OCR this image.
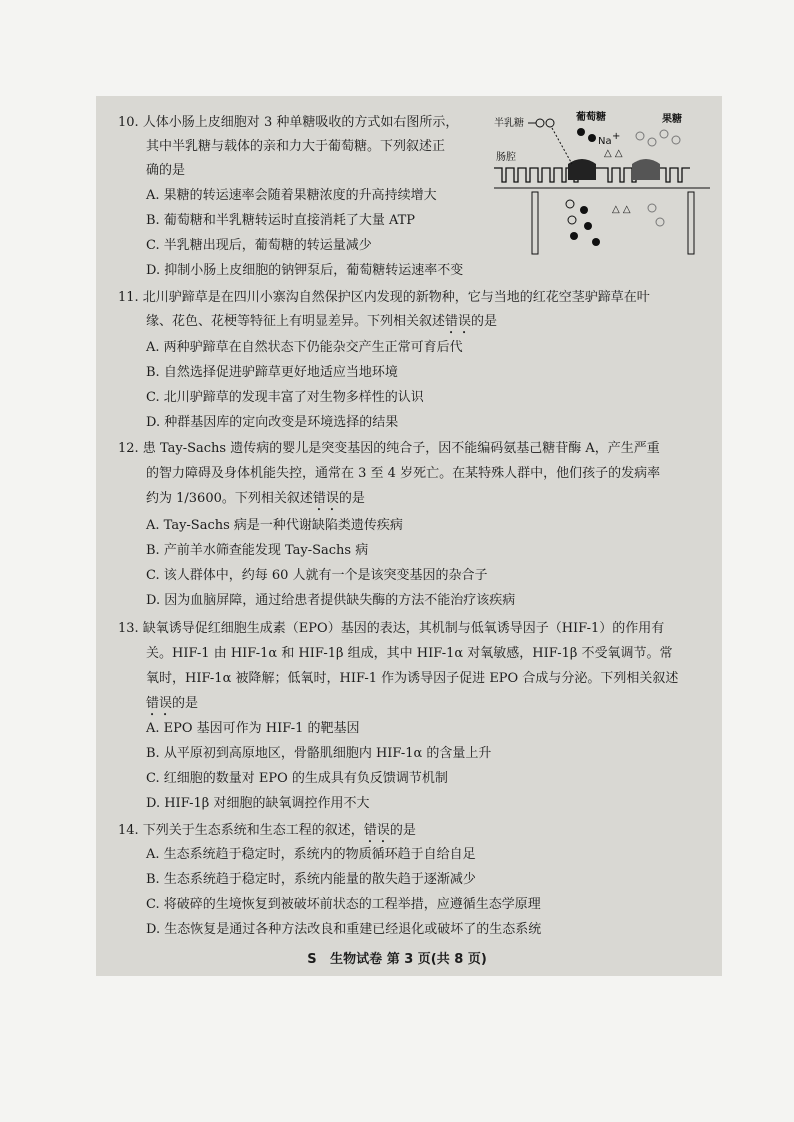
半乳糖
葡萄糖
Na +
△ △
果糖
肠腔
△ △
10. 人体小肠上皮细胞对 3 种单糖吸收的方式如右图所示，
其中半乳糖与载体的亲和力大于葡萄糖。下列叙述正
确的是
A. 果糖的转运速率会随着果糖浓度的升高持续增大
B. 葡萄糖和半乳糖转运时直接消耗了大量 ATP
C. 半乳糖出现后，葡萄糖的转运量减少
D. 抑制小肠上皮细胞的钠钾泵后，葡萄糖转运速率不变
11. 北川驴蹄草是在四川小寨沟自然保护区内发现的新物种，它与当地的红花空茎驴蹄草在叶
缘、花色、花梗等特征上有明显差异。下列相关叙述错误的是
A. 两种驴蹄草在自然状态下仍能杂交产生正常可育后代
B. 自然选择促进驴蹄草更好地适应当地环境
C. 北川驴蹄草的发现丰富了对生物多样性的认识
D. 种群基因库的定向改变是环境选择的结果
12. 患 Tay-Sachs 遗传病的婴儿是突变基因的纯合子，因不能编码氨基己糖苷酶 A，产生严重
的智力障碍及身体机能失控，通常在 3 至 4 岁死亡。在某特殊人群中，他们孩子的发病率
约为 1/3600。下列相关叙述错误的是
A. Tay-Sachs 病是一种代谢缺陷类遗传疾病
B. 产前羊水筛查能发现 Tay-Sachs 病
C. 该人群体中，约每 60 人就有一个是该突变基因的杂合子
D. 因为血脑屏障，通过给患者提供缺失酶的方法不能治疗该疾病
13. 缺氧诱导促红细胞生成素（EPO）基因的表达，其机制与低氧诱导因子（HIF-1）的作用有
关。HIF-1 由 HIF-1α 和 HIF-1β 组成，其中 HIF-1α 对氧敏感，HIF-1β 不受氧调节。常
氧时，HIF-1α 被降解；低氧时，HIF-1 作为诱导因子促进 EPO 合成与分泌。下列相关叙述
错误的是
A. EPO 基因可作为 HIF-1 的靶基因
B. 从平原初到高原地区，骨骼肌细胞内 HIF-1α 的含量上升
C. 红细胞的数量对 EPO 的生成具有负反馈调节机制
D. HIF-1β 对细胞的缺氧调控作用不大
14. 下列关于生态系统和生态工程的叙述，错误的是
A. 生态系统趋于稳定时，系统内的物质循环趋于自给自足
B. 生态系统趋于稳定时，系统内能量的散失趋于逐渐减少
C. 将破碎的生境恢复到被破坏前状态的工程举措，应遵循生态学原理
D. 生态恢复是通过各种方法改良和重建已经退化或破坏了的生态系统
S 生物试卷 第 3 页(共 8 页)
